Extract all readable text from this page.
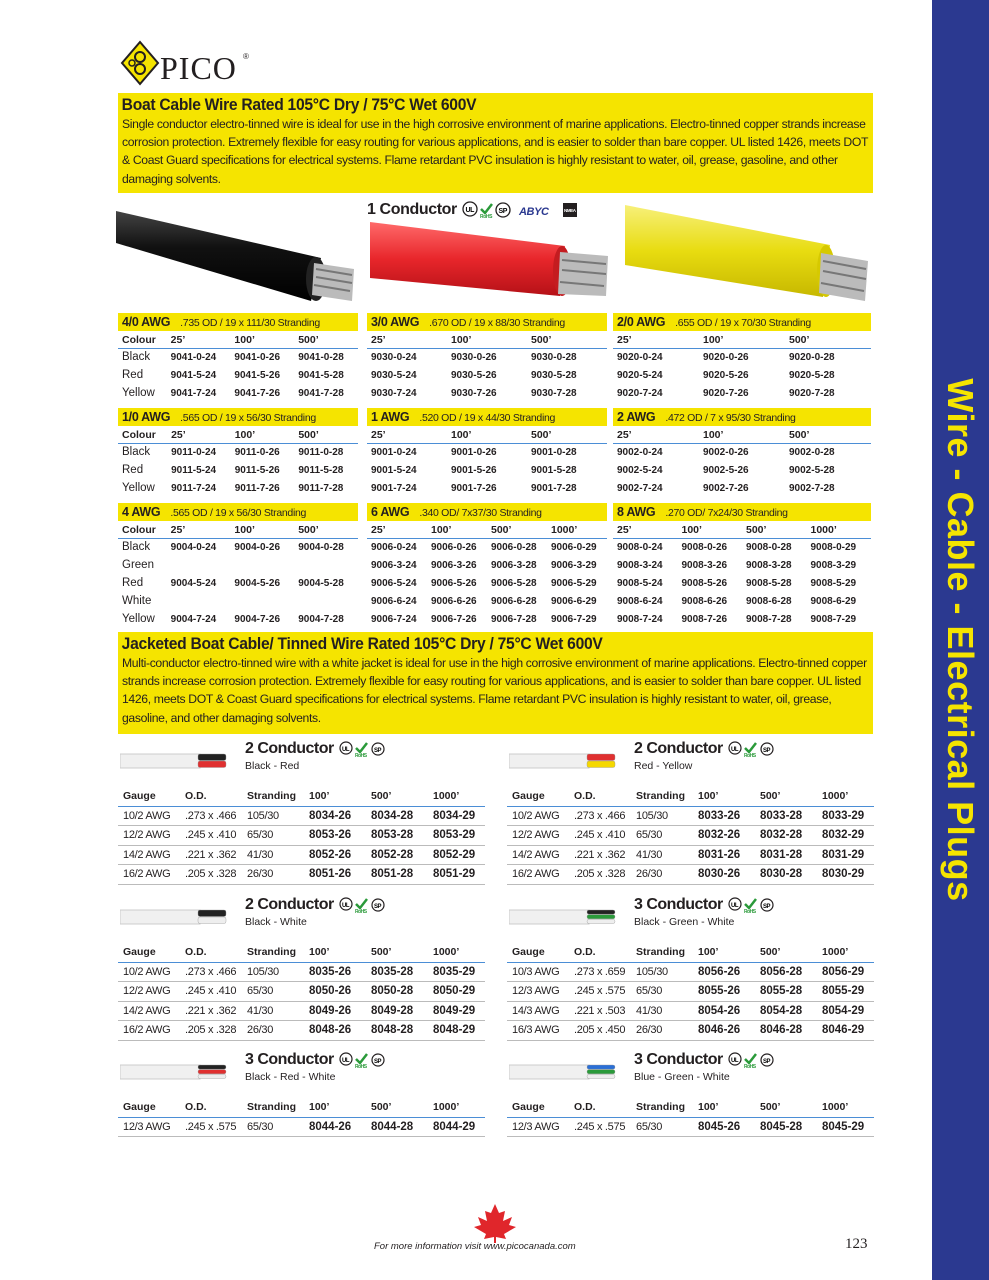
Wire - Cable - Electrical Plugs
PICO ®
Boat Cable Wire Rated 105°C Dry / 75°C Wet 600V

Single conductor electro-tinned wire is ideal for use in the high corrosive environment of marine applications. Electro-tinned copper strands increase corrosion protection. Extremely flexible for easy routing for various applications, and is easier to solder than bare copper. UL listed 1426, meets DOT & Coast Guard specifications for electrical systems. Flame retardant PVC insulation is highly resistant to water, oil, grease, gasoline, and other damaging solvents.

1 Conductor UL
RoHS
SP ABYC	NMEA
4/0 AWG .735 OD / 19 x 111/30 Stranding
Colour	25’	100’	500’
Black	9041-0-24	9041-0-26	9041-0-28
Red	9041-5-24	9041-5-26	9041-5-28
Yellow	9041-7-24	9041-7-26	9041-7-28
3/0 AWG .670 OD / 19 x 88/30 Stranding
25’	100’	500’
9030-0-24	9030-0-26	9030-0-28
9030-5-24	9030-5-26	9030-5-28
9030-7-24	9030-7-26	9030-7-28
2/0 AWG .655 OD / 19 x 70/30 Stranding
25’	100’	500’
9020-0-24	9020-0-26	9020-0-28
9020-5-24	9020-5-26	9020-5-28
9020-7-24	9020-7-26	9020-7-28
1/0 AWG .565 OD / 19 x 56/30 Stranding
Colour	25’	100’	500’
Black	9011-0-24	9011-0-26	9011-0-28
Red	9011-5-24	9011-5-26	9011-5-28
Yellow	9011-7-24	9011-7-26	9011-7-28
1 AWG .520 OD / 19 x 44/30 Stranding
25’	100’	500’
9001-0-24	9001-0-26	9001-0-28
9001-5-24	9001-5-26	9001-5-28
9001-7-24	9001-7-26	9001-7-28
2 AWG .472 OD / 7 x 95/30 Stranding
25’	100’	500’
9002-0-24	9002-0-26	9002-0-28
9002-5-24	9002-5-26	9002-5-28
9002-7-24	9002-7-26	9002-7-28
4 AWG .565 OD / 19 x 56/30 Stranding
Colour	25’	100’	500’
Black	9004-0-24	9004-0-26	9004-0-28
Green			
Red	9004-5-24	9004-5-26	9004-5-28
White			
Yellow	9004-7-24	9004-7-26	9004-7-28
6 AWG .340 OD/ 7x37/30 Stranding
25’	100’	500’	1000’
9006-0-24	9006-0-26	9006-0-28	9006-0-29
9006-3-24	9006-3-26	9006-3-28	9006-3-29
9006-5-24	9006-5-26	9006-5-28	9006-5-29
9006-6-24	9006-6-26	9006-6-28	9006-6-29
9006-7-24	9006-7-26	9006-7-28	9006-7-29
8 AWG .270 OD/ 7x24/30 Stranding
25’	100’	500’	1000’
9008-0-24	9008-0-26	9008-0-28	9008-0-29
9008-3-24	9008-3-26	9008-3-28	9008-3-29
9008-5-24	9008-5-26	9008-5-28	9008-5-29
9008-6-24	9008-6-26	9008-6-28	9008-6-29
9008-7-24	9008-7-26	9008-7-28	9008-7-29
Jacketed Boat Cable/ Tinned Wire Rated 105°C Dry / 75°C Wet 600V

Multi-conductor electro-tinned wire with a white jacket is ideal for use in the high corrosive environment of marine applications. Electro-tinned copper strands increase corrosion protection. Extremely flexible for easy routing for various applications, and is easier to solder than bare copper. UL listed 1426, meets DOT & Coast Guard specifications for electrical systems. Flame retardant PVC insulation is highly resistant to water, oil, grease, gasoline, and other damaging solvents.

2 Conductor UL
RoHS
SP
Black - Red
Gauge	O.D.	Stranding	100’	500’	1000’
10/2 AWG	.273 x .466	105/30	8034-26	8034-28	8034-29
12/2 AWG	.245 x .410	65/30	8053-26	8053-28	8053-29
14/2 AWG	.221 x .362	41/30	8052-26	8052-28	8052-29
16/2 AWG	.205 x .328	26/30	8051-26	8051-28	8051-29
2 Conductor UL
RoHS
SP
Red - Yellow
Gauge	O.D.	Stranding	100’	500’	1000’
10/2 AWG	.273 x .466	105/30	8033-26	8033-28	8033-29
12/2 AWG	.245 x .410	65/30	8032-26	8032-28	8032-29
14/2 AWG	.221 x .362	41/30	8031-26	8031-28	8031-29
16/2 AWG	.205 x .328	26/30	8030-26	8030-28	8030-29
2 Conductor UL
RoHS
SP
Black - White
Gauge	O.D.	Stranding	100’	500’	1000’
10/2 AWG	.273 x .466	105/30	8035-26	8035-28	8035-29
12/2 AWG	.245 x .410	65/30	8050-26	8050-28	8050-29
14/2 AWG	.221 x .362	41/30	8049-26	8049-28	8049-29
16/2 AWG	.205 x .328	26/30	8048-26	8048-28	8048-29
3 Conductor UL
RoHS
SP
Black - Green - White
Gauge	O.D.	Stranding	100’	500’	1000’
10/3 AWG	.273 x .659	105/30	8056-26	8056-28	8056-29
12/3 AWG	.245 x .575	65/30	8055-26	8055-28	8055-29
14/3 AWG	.221 x .503	41/30	8054-26	8054-28	8054-29
16/3 AWG	.205 x .450	26/30	8046-26	8046-28	8046-29
3 Conductor UL
RoHS
SP
Black - Red - White
Gauge	O.D.	Stranding	100’	500’	1000’
12/3 AWG	.245 x .575	65/30	8044-26	8044-28	8044-29
3 Conductor UL
RoHS
SP
Blue - Green - White
Gauge	O.D.	Stranding	100’	500’	1000’
12/3 AWG	.245 x .575	65/30	8045-26	8045-28	8045-29
For more information visit www.picocanada.com	123
